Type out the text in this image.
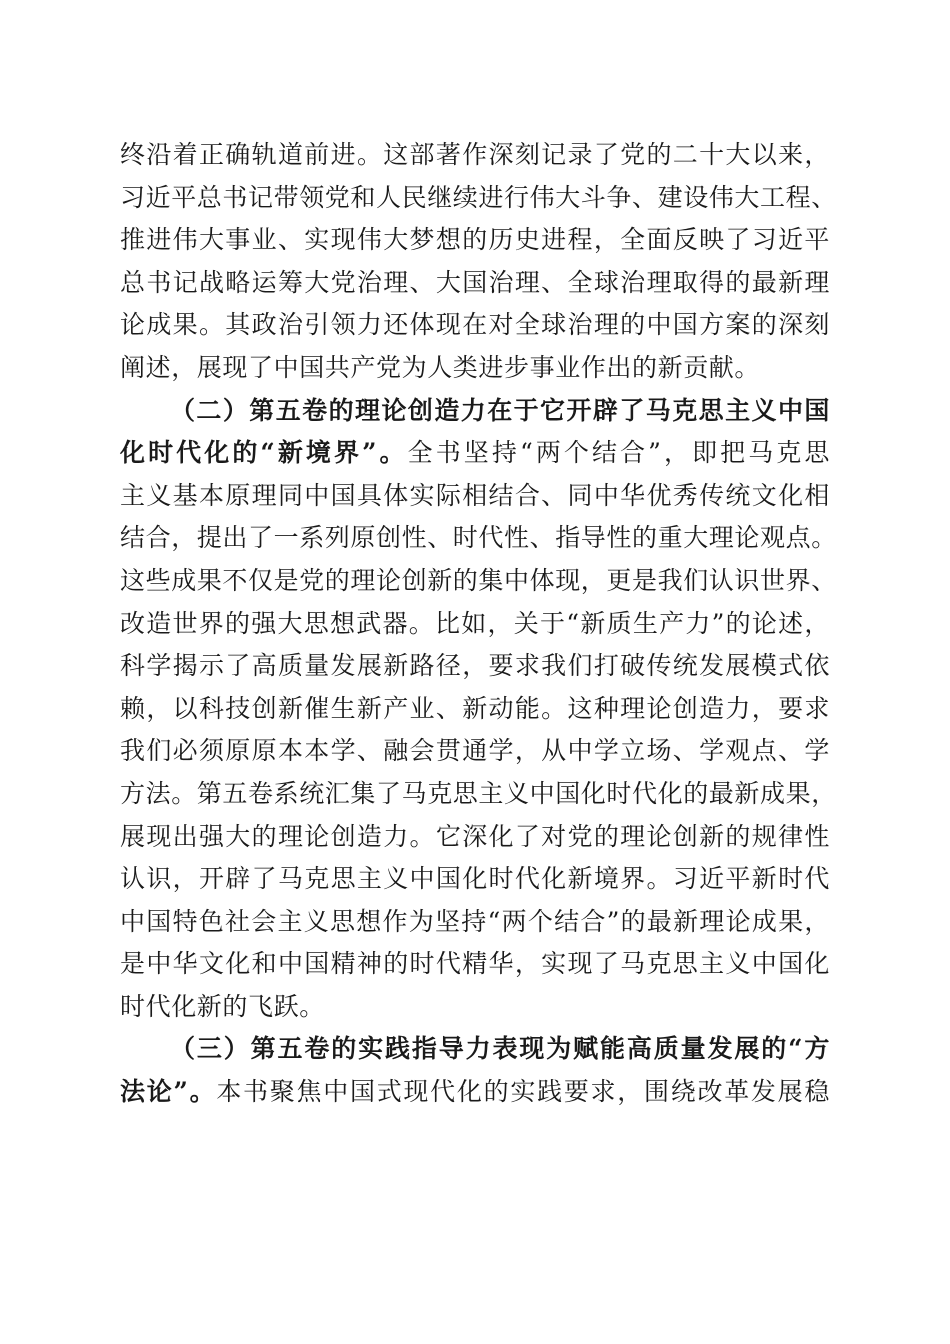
终沿着正确轨道前进。这部著作深刻记录了党的二十大以来，
习近平总书记带领党和人民继续进行伟大斗争、建设伟大工程、
推进伟大事业、实现伟大梦想的历史进程，全面反映了习近平
总书记战略运筹大党治理、大国治理、全球治理取得的最新理
论成果。其政治引领力还体现在对全球治理的中国方案的深刻
阐述，展现了中国共产党为人类进步事业作出的新贡献。
（二）第五卷的理论创造力在于它开辟了马克思主义中国
化时代化的“新境界”。全书坚持“两个结合”，即把马克思
主义基本原理同中国具体实际相结合、同中华优秀传统文化相
结合，提出了一系列原创性、时代性、指导性的重大理论观点。
这些成果不仅是党的理论创新的集中体现，更是我们认识世界、
改造世界的强大思想武器。比如，关于“新质生产力”的论述，
科学揭示了高质量发展新路径，要求我们打破传统发展模式依
赖，以科技创新催生新产业、新动能。这种理论创造力，要求
我们必须原原本本学、融会贯通学，从中学立场、学观点、学
方法。第五卷系统汇集了马克思主义中国化时代化的最新成果，
展现出强大的理论创造力。它深化了对党的理论创新的规律性
认识，开辟了马克思主义中国化时代化新境界。习近平新时代
中国特色社会主义思想作为坚持“两个结合”的最新理论成果，
是中华文化和中国精神的时代精华，实现了马克思主义中国化
时代化新的飞跃。
（三）第五卷的实践指导力表现为赋能高质量发展的“方
法论”。本书聚焦中国式现代化的实践要求，围绕改革发展稳
